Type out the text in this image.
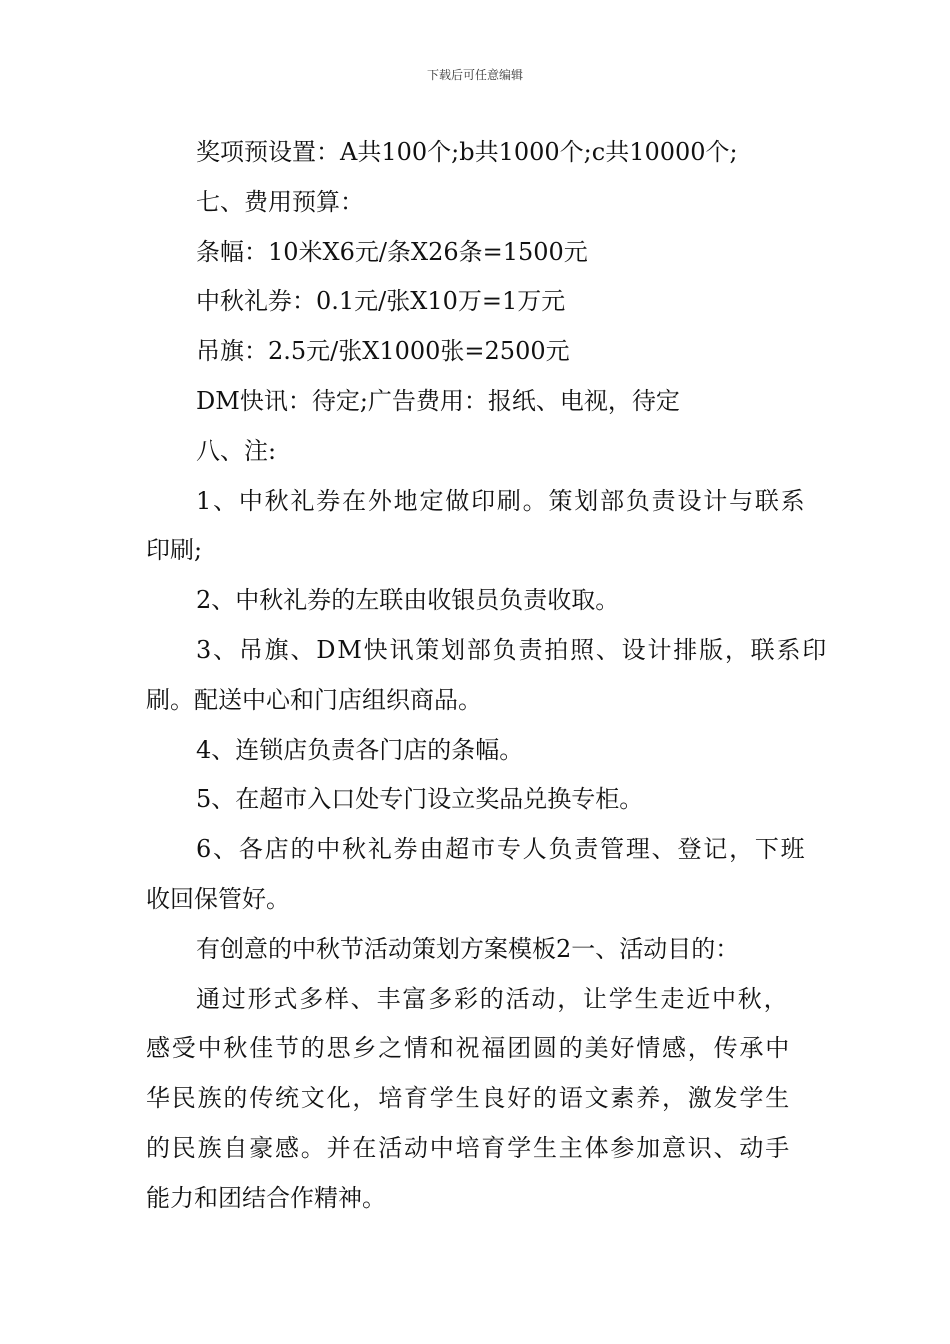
下载后可任意编辑
奖项预设置：A共100个;b共1000个;c共10000个;
七、费用预算：
条幅：10米X6元/条X26条=1500元
中秋礼券：0.1元/张X10万=1万元
吊旗：2.5元/张X1000张=2500元
DM快讯：待定;广告费用：报纸、电视，待定
八、注:
1、中秋礼券在外地定做印刷。策划部负责设计与联系
印刷;
2、中秋礼券的左联由收银员负责收取。
3、吊旗、DM快讯策划部负责拍照、设计排版，联系印
刷。配送中心和门店组织商品。
4、连锁店负责各门店的条幅。
5、在超市入口处专门设立奖品兑换专柜。
6、各店的中秋礼券由超市专人负责管理、登记，下班
收回保管好。
有创意的中秋节活动策划方案模板2一、活动目的：
通过形式多样、丰富多彩的活动，让学生走近中秋，
感受中秋佳节的思乡之情和祝福团圆的美好情感，传承中
华民族的传统文化，培育学生良好的语文素养，激发学生
的民族自豪感。并在活动中培育学生主体参加意识、动手
能力和团结合作精神。
